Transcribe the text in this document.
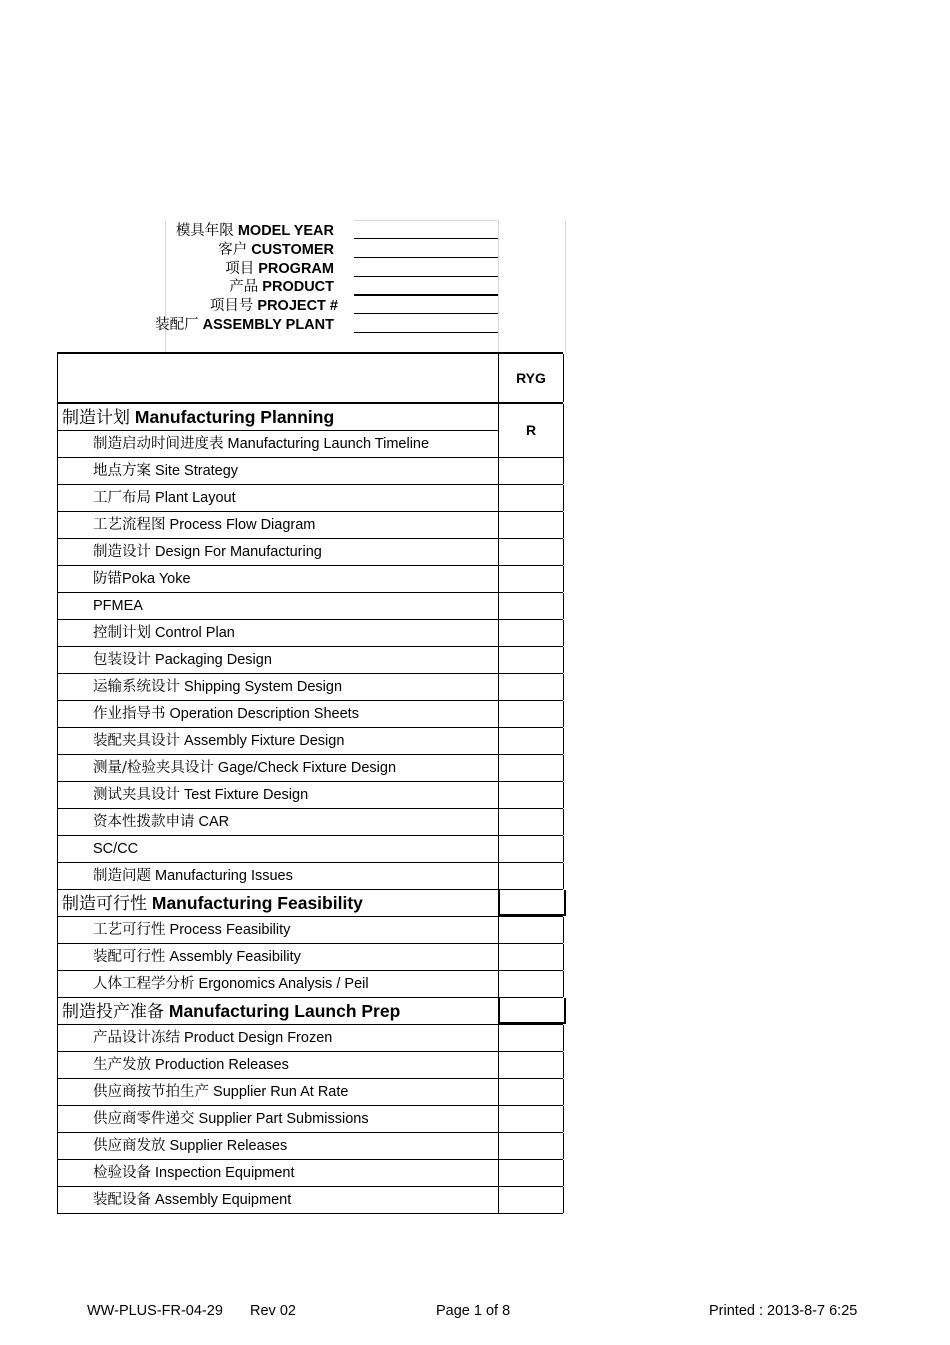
模具年限 MODEL YEAR
客户 CUSTOMER
项目 PROGRAM
产品 PRODUCT
项目号 PROJECT #
装配厂 ASSEMBLY PLANT
RYG
制造计划 Manufacturing Planning
R
制造启动时间进度表 Manufacturing Launch Timeline
地点方案 Site Strategy
工厂布局 Plant Layout
工艺流程图 Process Flow Diagram
制造设计 Design For Manufacturing
防错Poka Yoke
PFMEA
控制计划 Control Plan
包装设计 Packaging Design
运输系统设计 Shipping System Design
作业指导书 Operation Description Sheets
装配夹具设计 Assembly Fixture Design
测量/检验夹具设计 Gage/Check Fixture Design
测试夹具设计 Test Fixture Design
资本性拨款申请 CAR
SC/CC
制造问题 Manufacturing Issues
制造可行性 Manufacturing Feasibility
工艺可行性 Process Feasibility
装配可行性 Assembly Feasibility
人体工程学分析 Ergonomics Analysis / Peil
制造投产准备 Manufacturing Launch Prep
产品设计冻结 Product Design Frozen
生产发放 Production Releases
供应商按节拍生产 Supplier Run At Rate
供应商零件递交 Supplier Part Submissions
供应商发放 Supplier Releases
检验设备 Inspection Equipment
装配设备 Assembly Equipment
WW-PLUS-FR-04-29 Rev 02	Page 1 of 8	Printed : 2013-8-7 6:25
